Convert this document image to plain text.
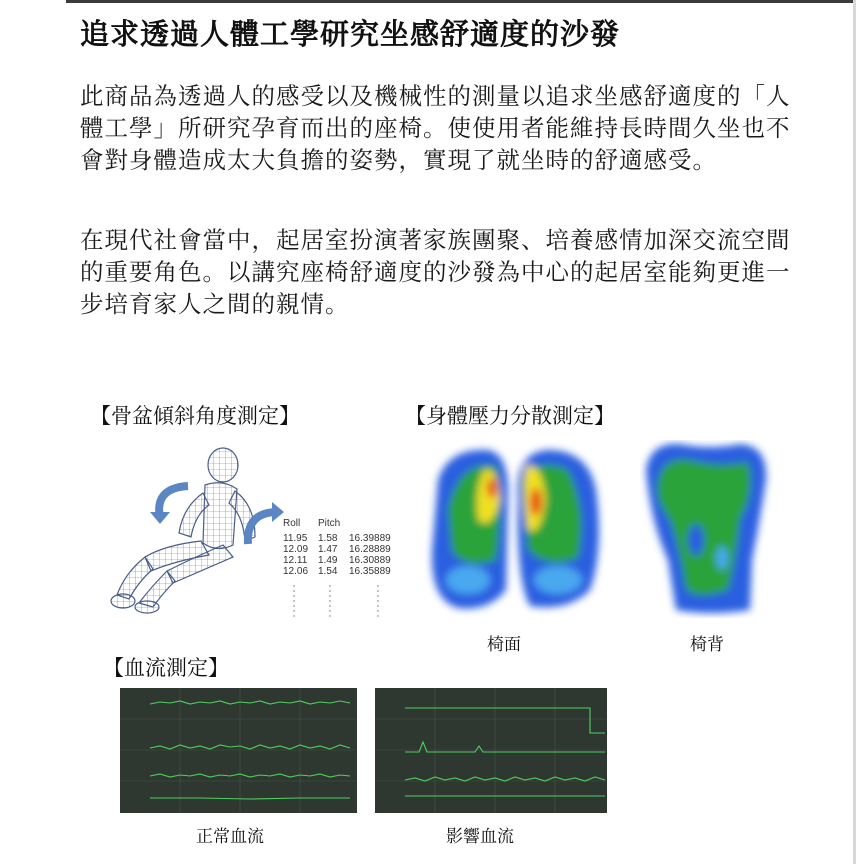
追求透過人體工學研究坐感舒適度的沙發

此商品為透過人的感受以及機械性的測量以追求坐感舒適度的「人體工學」所研究孕育而出的座椅。使使用者能維持長時間久坐也不會對身體造成太大負擔的姿勢，實現了就坐時的舒適感受。

在現代社會當中，起居室扮演著家族團聚、培養感情加深交流空間的重要角色。以講究座椅舒適度的沙發為中心的起居室能夠更進一步培育家人之間的親情。

【骨盆傾斜角度測定】	【身體壓力分散測定】
【血流測定】
Roll	Pitch
11.95	1.58	16.39889
12.09 1.47	16.28889
12.11	1.49	16.30889
12.06 1.54	16.35889
椅面	椅背
正常血流	影響血流
